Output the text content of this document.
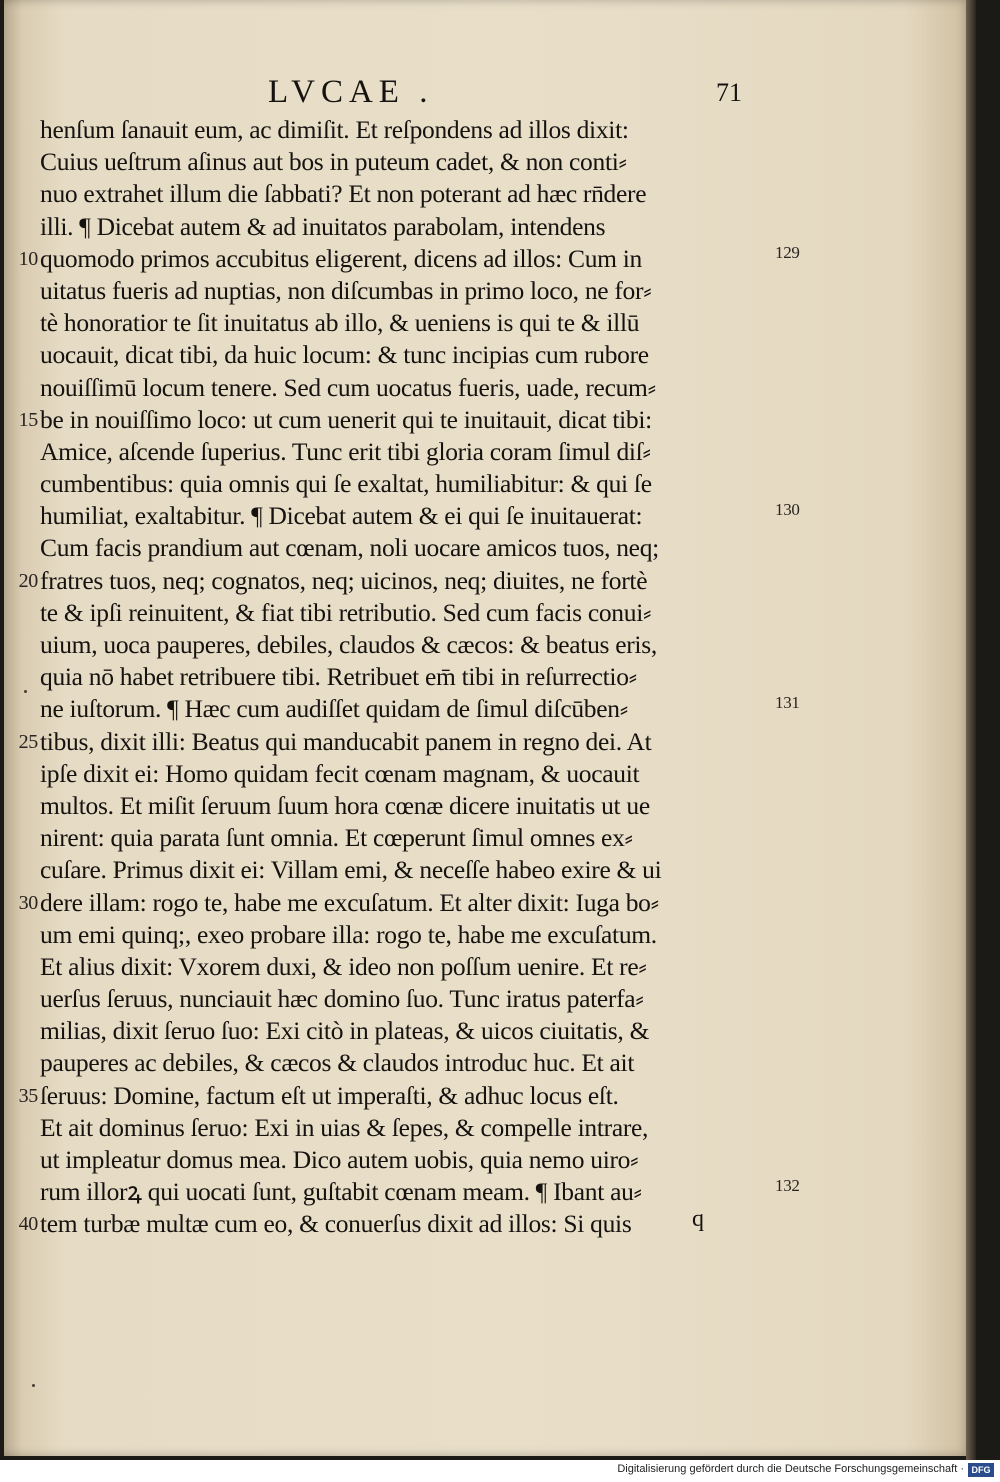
LVCAE .	71
henſum ſanauit eum, ac dimiſit. Et reſpondens ad illos dixit:
Cuius ueſtrum aſinus aut bos in puteum cadet, & non conti⸗
nuo extrahet illum die ſabbati? Et non poterant ad hæc rn̄dere
illi. ¶ Dicebat autem & ad inuitatos parabolam, intendens
10 quomodo primos accubitus eligerent, dicens ad illos: Cum in	129
uitatus fueris ad nuptias, non diſcumbas in primo loco, ne for⸗
tè honoratior te ſit inuitatus ab illo, & ueniens is qui te & illū
uocauit, dicat tibi, da huic locum: & tunc incipias cum rubore
nouiſſimū locum tenere. Sed cum uocatus fueris, uade, recum⸗
15 be in nouiſſimo loco: ut cum uenerit qui te inuitauit, dicat tibi:
Amice, aſcende ſuperius. Tunc erit tibi gloria coram ſimul diſ⸗
cumbentibus: quia omnis qui ſe exaltat, humiliabitur: & qui ſe
humiliat, exaltabitur. ¶ Dicebat autem & ei qui ſe inuitauerat:	130
Cum facis prandium aut cœnam, noli uocare amicos tuos, neq;
20 fratres tuos, neq; cognatos, neq; uicinos, neq; diuites, ne fortè
te & ipſi reinuitent, & fiat tibi retributio. Sed cum facis conui⸗
uium, uoca pauperes, debiles, claudos & cæcos: & beatus eris,
quia nō habet retribuere tibi. Retribuet em̄ tibi in reſurrectio⸗
ne iuſtorum. ¶ Hæc cum audiſſet quidam de ſimul diſcūben⸗	131
25 tibus, dixit illi: Beatus qui manducabit panem in regno dei. At
ipſe dixit ei: Homo quidam fecit cœnam magnam, & uocauit
multos. Et miſit ſeruum ſuum hora cœnæ dicere inuitatis ut ue
nirent: quia parata ſunt omnia. Et cœperunt ſimul omnes ex⸗
cuſare. Primus dixit ei: Villam emi, & neceſſe habeo exire & ui
30 dere illam: rogo te, habe me excuſatum. Et alter dixit: Iuga bo⸗
um emi quinq;, exeo probare illa: rogo te, habe me excuſatum.
Et alius dixit: Vxorem duxi, & ideo non poſſum uenire. Et re⸗
uerſus ſeruus, nunciauit hæc domino ſuo. Tunc iratus paterfa⸗
milias, dixit ſeruo ſuo: Exi citò in plateas, & uicos ciuitatis, &
pauperes ac debiles, & cæcos & claudos introduc huc. Et ait
35 ſeruus: Domine, factum eſt ut imperaſti, & adhuc locus eſt.
Et ait dominus ſeruo: Exi in uias & ſepes, & compelle intrare,
ut impleatur domus mea. Dico autem uobis, quia nemo uiro⸗
rum illorꝝ qui uocati ſunt, guſtabit cœnam meam. ¶ Ibant au⸗	132
40 tem turbæ multæ cum eo, & conuerſus dixit ad illos: Si quis	q
Digitalisierung gefördert durch die Deutsche Forschungsgemeinschaft · DFG
